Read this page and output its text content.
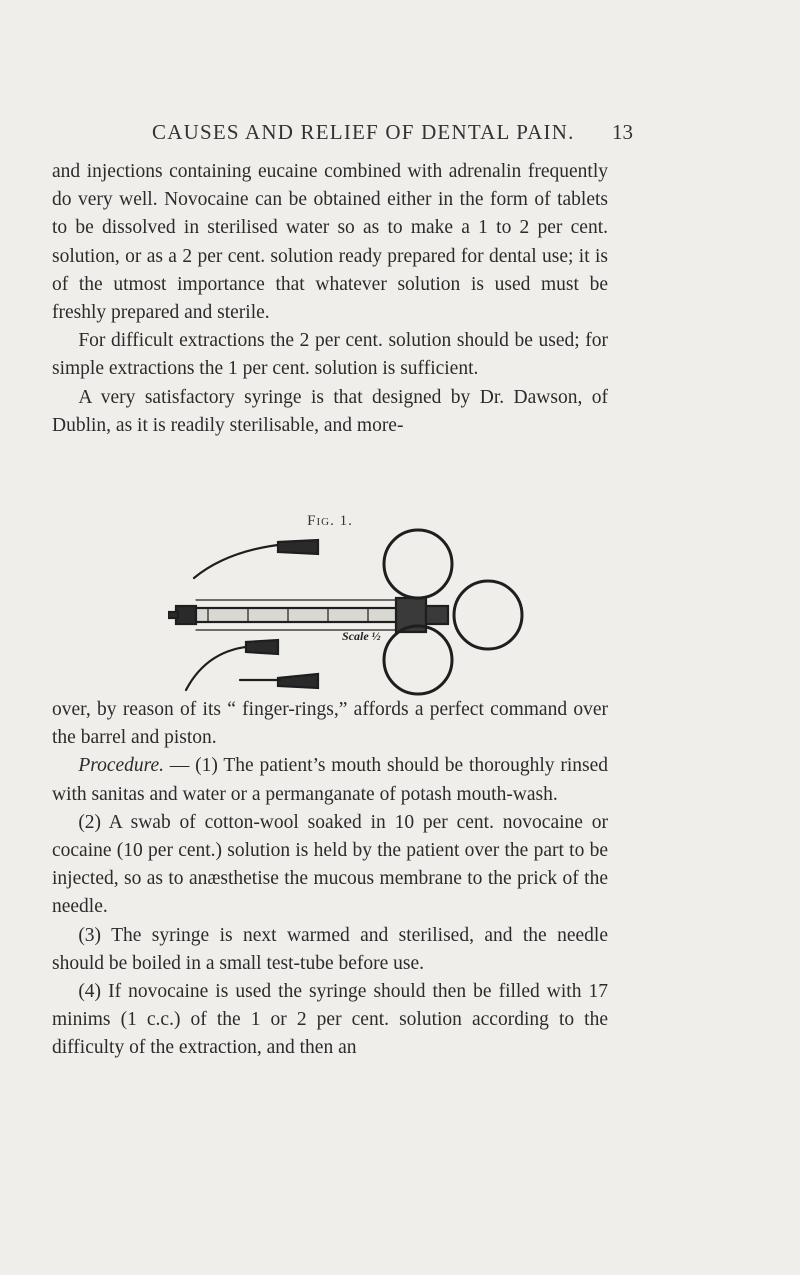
CAUSES AND RELIEF OF DENTAL PAIN. 13

and injections containing eucaine combined with adrenalin frequently do very well. Novocaine can be obtained either in the form of tablets to be dissolved in sterilised water so as to make a 1 to 2 per cent. solution, or as a 2 per cent. solution ready prepared for dental use; it is of the utmost importance that whatever solution is used must be freshly prepared and sterile.

For difficult extractions the 2 per cent. solution should be used; for simple extractions the 1 per cent. solution is sufficient.

A very satisfactory syringe is that designed by Dr. Dawson, of Dublin, as it is readily sterilisable, and more-

Fig. 1.
Scale ½

over, by reason of its “ finger-rings,” affords a perfect command over the barrel and piston.

Procedure. — (1) The patient’s mouth should be thoroughly rinsed with sanitas and water or a permanganate of potash mouth-wash.

(2) A swab of cotton-wool soaked in 10 per cent. novocaine or cocaine (10 per cent.) solution is held by the patient over the part to be injected, so as to anæsthetise the mucous membrane to the prick of the needle.

(3) The syringe is next warmed and sterilised, and the needle should be boiled in a small test-tube before use.

(4) If novocaine is used the syringe should then be filled with 17 minims (1 c.c.) of the 1 or 2 per cent. solution according to the difficulty of the extraction, and then an
